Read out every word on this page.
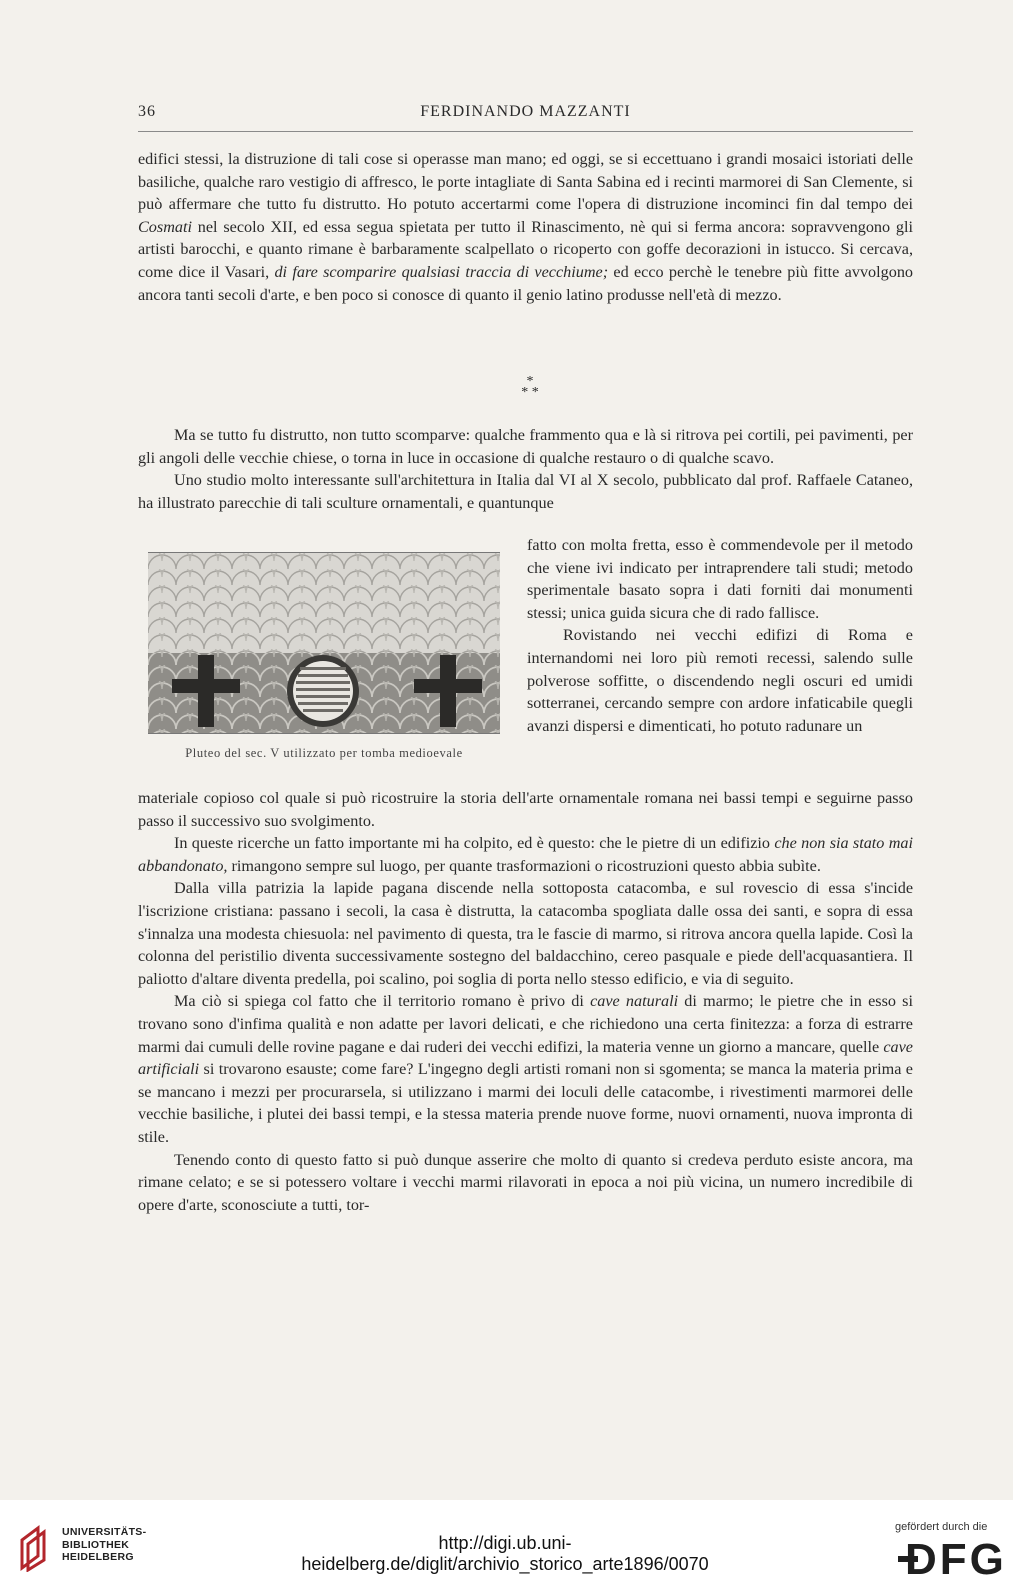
36	FERDINANDO MAZZANTI

edifici stessi, la distruzione di tali cose si operasse man mano; ed oggi, se si eccettuano i grandi mosaici istoriati delle basiliche, qualche raro vestigio di affresco, le porte intagliate di Santa Sabina ed i recinti marmorei di San Clemente, si può affermare che tutto fu distrutto. Ho potuto accertarmi come l'opera di distruzione incominci fin dal tempo dei Cosmati nel secolo XII, ed essa segua spietata per tutto il Rinascimento, nè qui si ferma ancora: sopravvengono gli artisti barocchi, e quanto rimane è barbaramente scalpellato o ricoperto con goffe decorazioni in istucco. Si cercava, come dice il Vasari, di fare scomparire qualsiasi traccia di vecchiume; ed ecco perchè le tenebre più fitte avvolgono ancora tanti secoli d'arte, e ben poco si conosce di quanto il genio latino produsse nell'età di mezzo.

*
* *

Ma se tutto fu distrutto, non tutto scomparve: qualche frammento qua e là si ritrova pei cortili, pei pavimenti, per gli angoli delle vecchie chiese, o torna in luce in occasione di qualche restauro o di qualche scavo.

Uno studio molto interessante sull'architettura in Italia dal VI al X secolo, pubblicato dal prof. Raffaele Cataneo, ha illustrato parecchie di tali sculture ornamentali, e quantunque

Pluteo del sec. V utilizzato per tomba medioevale

fatto con molta fretta, esso è commendevole per il metodo che viene ivi indicato per intraprendere tali studi; metodo sperimentale basato sopra i dati forniti dai monumenti stessi; unica guida sicura che di rado fallisce.

Rovistando nei vecchi edifizi di Roma e internandomi nei loro più remoti recessi, salendo sulle polverose soffitte, o discendendo negli oscuri ed umidi sotterranei, cercando sempre con ardore infaticabile quegli avanzi dispersi e dimenticati, ho potuto radunare un

materiale copioso col quale si può ricostruire la storia dell'arte ornamentale romana nei bassi tempi e seguirne passo passo il successivo suo svolgimento.

In queste ricerche un fatto importante mi ha colpito, ed è questo: che le pietre di un edifizio che non sia stato mai abbandonato, rimangono sempre sul luogo, per quante trasformazioni o ricostruzioni questo abbia subìte.

Dalla villa patrizia la lapide pagana discende nella sottoposta catacomba, e sul rovescio di essa s'incide l'iscrizione cristiana: passano i secoli, la casa è distrutta, la catacomba spogliata dalle ossa dei santi, e sopra di essa s'innalza una modesta chiesuola: nel pavimento di questa, tra le fascie di marmo, si ritrova ancora quella lapide. Così la colonna del peristilio diventa successivamente sostegno del baldacchino, cereo pasquale e piede dell'acquasantiera. Il paliotto d'altare diventa predella, poi scalino, poi soglia di porta nello stesso edificio, e via di seguito.

Ma ciò si spiega col fatto che il territorio romano è privo di cave naturali di marmo; le pietre che in esso si trovano sono d'infima qualità e non adatte per lavori delicati, e che richiedono una certa finitezza: a forza di estrarre marmi dai cumuli delle rovine pagane e dai ruderi dei vecchi edifizi, la materia venne un giorno a mancare, quelle cave artificiali si trovarono esauste; come fare? L'ingegno degli artisti romani non si sgomenta; se manca la materia prima e se mancano i mezzi per procurarsela, si utilizzano i marmi dei loculi delle catacombe, i rivestimenti marmorei delle vecchie basiliche, i plutei dei bassi tempi, e la stessa materia prende nuove forme, nuovi ornamenti, nuova impronta di stile.

Tenendo conto di questo fatto si può dunque asserire che molto di quanto si credeva perduto esiste ancora, ma rimane celato; e se si potessero voltare i vecchi marmi rilavorati in epoca a noi più vicina, un numero incredibile di opere d'arte, sconosciute a tutti, tor-

UNIVERSITÄTS-
BIBLIOTHEK
HEIDELBERG
http://digi.ub.uni-heidelberg.de/diglit/archivio_storico_arte1896/0070
gefördert durch die
DFG
